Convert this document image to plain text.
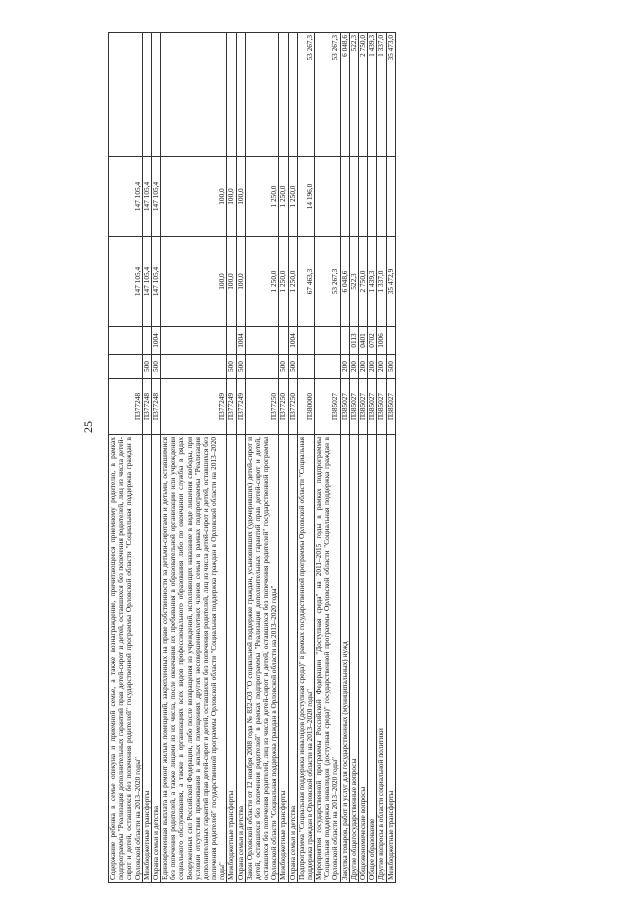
25
Содержание ребенка в семье опекуна и приемной семье, а также вознаграждение, причитающееся приемному родителю, в рамках подпрограммы "Реализация дополнительных гарантий прав детей-сирот и детей, оставшихся без попечения родителей, лиц из числа детей-сирот и детей, оставшихся без попечения родителей" государственной программы Орловской области "Социальная поддержка граждан в Орловской области на 2013–2020 годы"	П377248			147 105,4	147 105,4	
Межбюджетные трансферты	П377248	500		147 105,4	147 105,4	
Охрана семьи и детства	П377248	500	1004	147 105,4	147 105,4	
Единовременная выплата на ремонт жилых помещений, закрепленных на праве собственности за детьми-сиротами и детьми, оставшимися без попечения родителей, а также лицами из их числа, после окончания их пребывания в образовательной организации или учреждении социального обслуживания, а также в организациях всех видов профессионального образования либо по окончании службы в рядах Вооруженных сил Российской Федерации, либо после возвращения из учреждений, исполняющих наказание в виде лишения свободы, при условии отсутствия проживания в жилых помещениях других несовершеннолетних членов семьи в рамках подпрограммы "Реализация дополнительных гарантий прав детей-сирот и детей, оставшихся без попечения родителей, лиц из числа детей-сирот и детей, оставшихся без попечения родителей" государственной программы Орловской области "Социальная поддержка граждан в Орловской области на 2013–2020 годы"	П377249			100,0	100,0	
Межбюджетные трансферты	П377249	500		100,0	100,0	
Охрана семьи и детства	П377249	500	1004	100,0	100,0	
Закон Орловской области от 12 ноября 2008 года № 832-ОЗ "О социальной поддержке граждан, усыновивших (удочеривших) детей-сирот и детей, оставшихся без попечения родителей" в рамках подпрограммы "Реализация дополнительных гарантий прав детей-сирот и детей, оставшихся без попечения родителей, лиц из числа детей-сирот и детей, оставшихся без попечения родителей" государственной программы Орловской области "Социальная поддержка граждан в Орловской области на 2013–2020 годы"	П377250			1 250,0	1 250,0	
Межбюджетные трансферты	П377250	500		1 250,0	1 250,0	
Охрана семьи и детства	П377250	500	1004	1 250,0	1 250,0	
Подпрограмма "Социальная поддержка инвалидов (доступная среда)" в рамках государственной программы Орловской области "Социальная поддержка граждан в Орловской области на 2013–2020 годы"	П380000			67 463,3	14 196,0	53 267,3
Мероприятия государственной программы Российской Федерации "Доступная среда" на 2011–2015 годы в рамках подпрограммы "Социальная поддержка инвалидов (доступная среда)" государственной программы Орловской области "Социальная поддержка граждан в Орловской области на 2013–2020 годы"	П385027			53 267,3		53 267,3
Закупка товаров, работ и услуг для государственных (муниципальных) нужд	П385027	200		6 048,6		6 048,6
Другие общегосударственные вопросы	П385027	200	0113	522,3		522,3
Общеэкономические вопросы	П385027	200	0401	2 750,0		2 750,0
Общее образование	П385027	200	0702	1 439,3		1 439,3
Другие вопросы в области социальной политики	П385027	200	1006	1 337,0		1 337,0
Межбюджетные трансферты	П385027	500		35 472,9		35 473,0
